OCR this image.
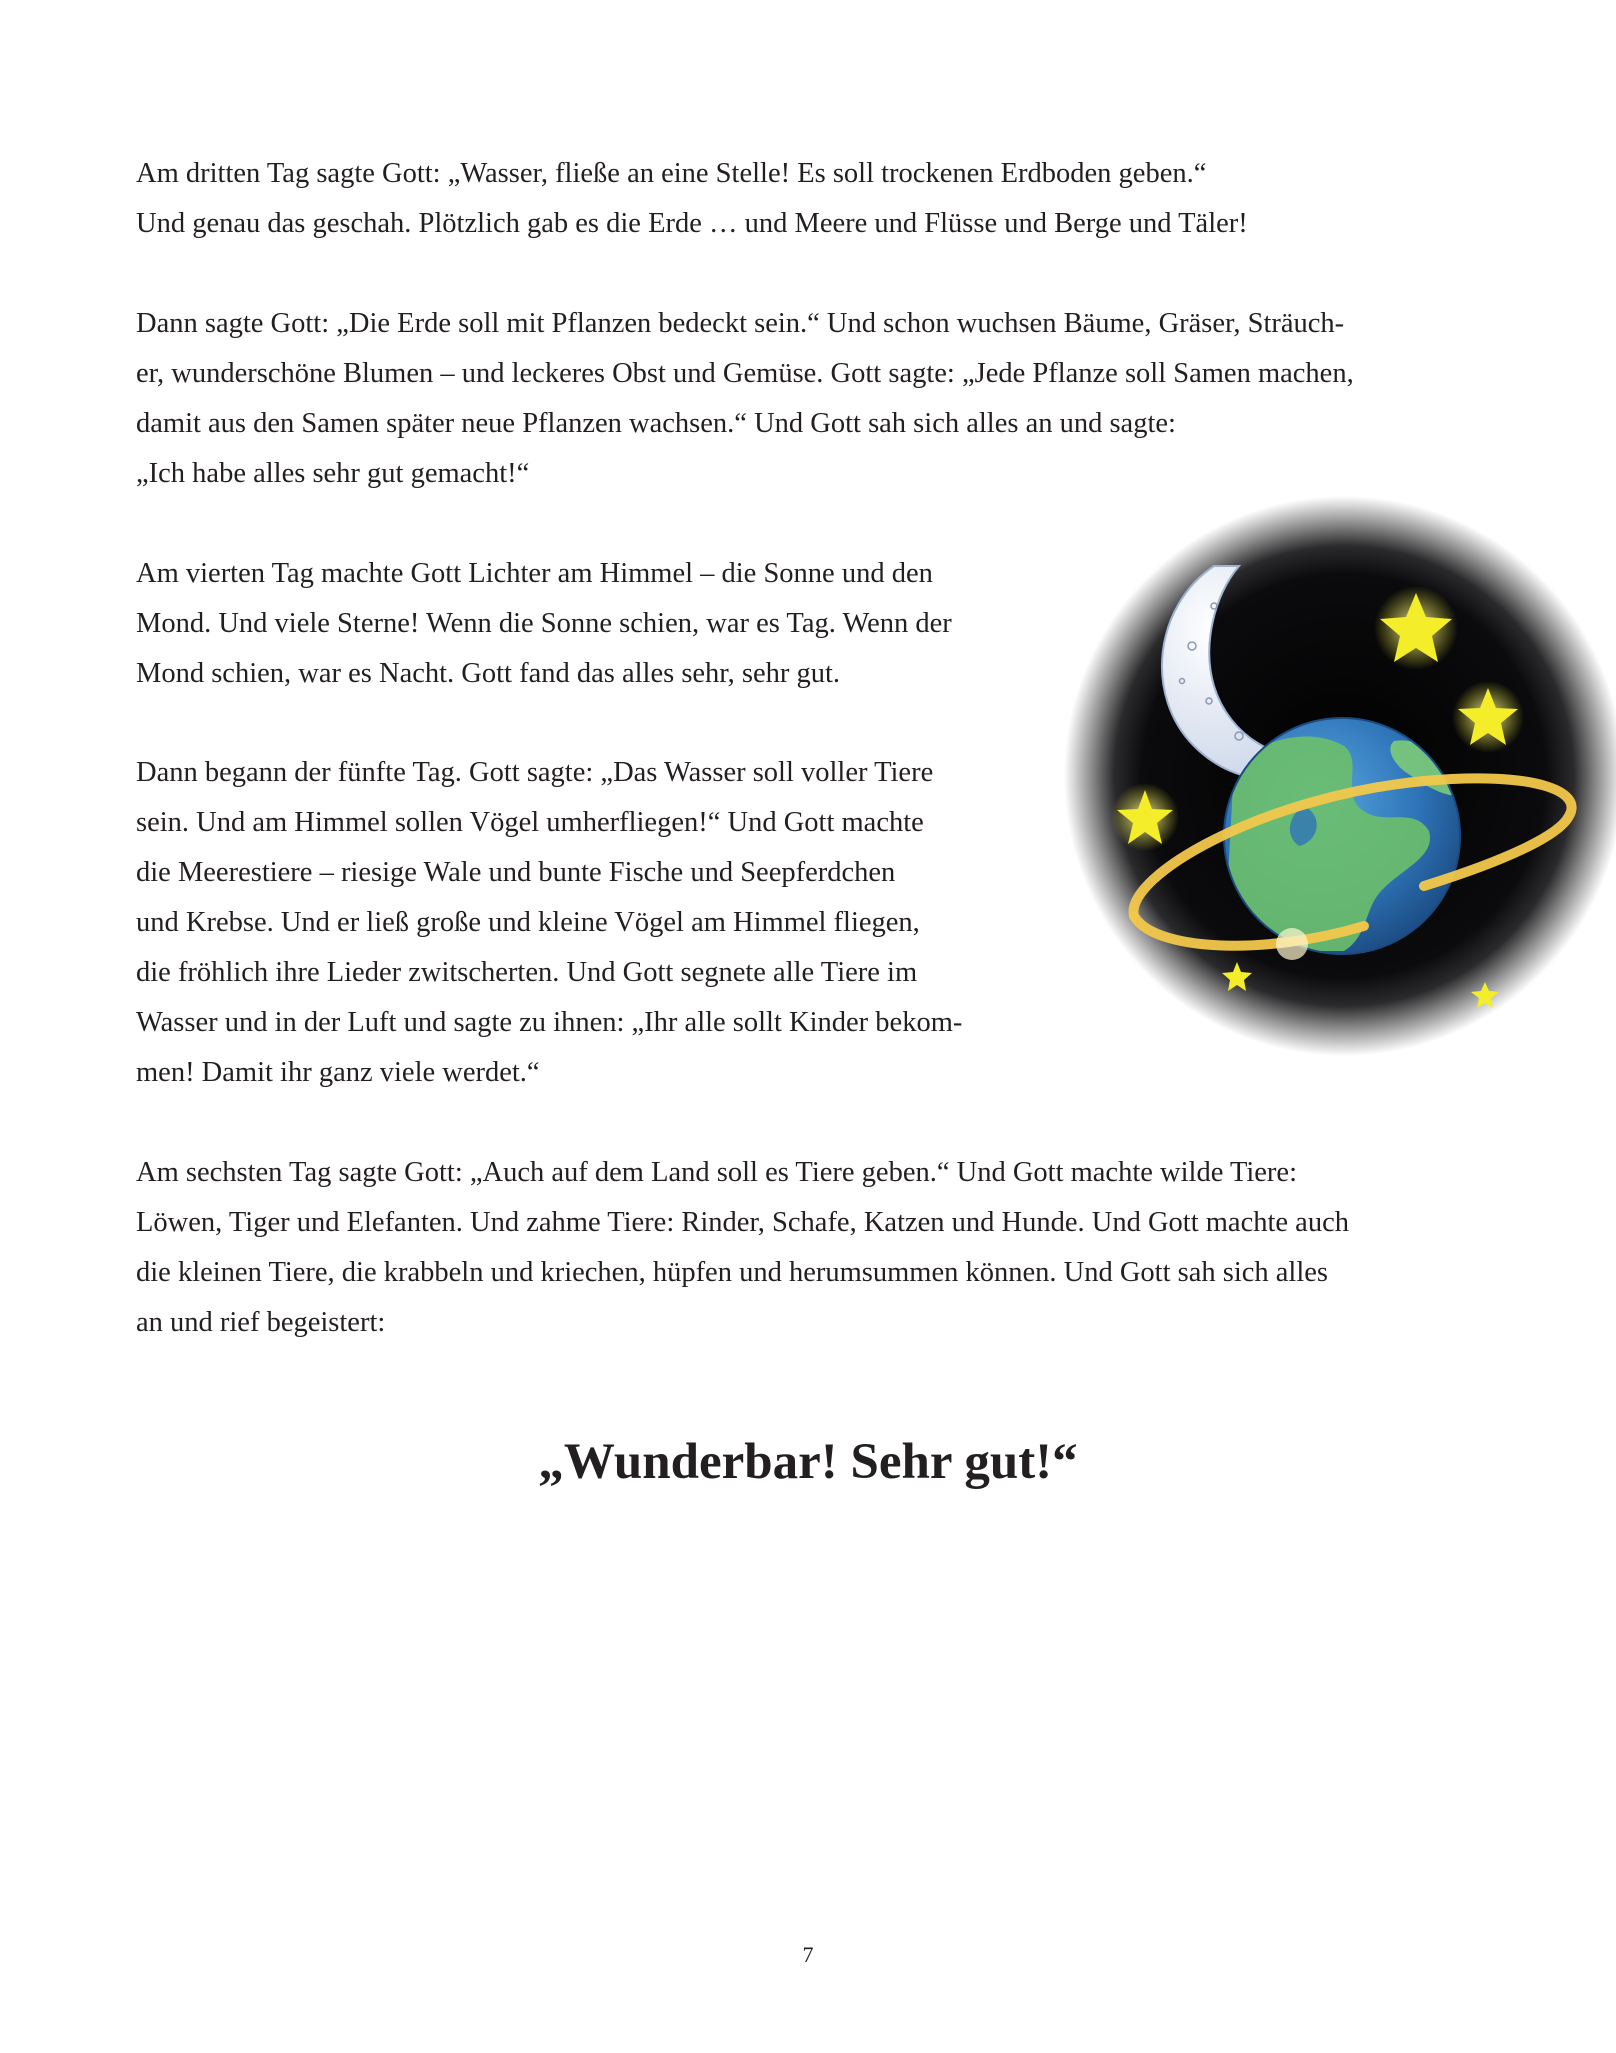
Am dritten Tag sagte Gott: „Wasser, fließe an eine Stelle! Es soll trockenen Erdboden geben.“
Und genau das geschah. Plötzlich gab es die Erde … und Meere und Flüsse und Berge und Täler!
Dann sagte Gott: „Die Erde soll mit Pflanzen bedeckt sein.“ Und schon wuchsen Bäume, Gräser, Sträuch-
er, wunderschöne Blumen – und leckeres Obst und Gemüse. Gott sagte: „Jede Pflanze soll Samen machen,
damit aus den Samen später neue Pflanzen wachsen.“ Und Gott sah sich alles an und sagte:
„Ich habe alles sehr gut gemacht!“
Am vierten Tag machte Gott Lichter am Himmel – die Sonne und den
Mond. Und viele Sterne! Wenn die Sonne schien, war es Tag. Wenn der
Mond schien, war es Nacht. Gott fand das alles sehr, sehr gut.
Dann begann der fünfte Tag. Gott sagte: „Das Wasser soll voller Tiere
sein. Und am Himmel sollen Vögel umherfliegen!“ Und Gott machte
die Meerestiere – riesige Wale und bunte Fische und Seepferdchen
und Krebse. Und er ließ große und kleine Vögel am Himmel fliegen,
die fröhlich ihre Lieder zwitscherten. Und Gott segnete alle Tiere im
Wasser und in der Luft und sagte zu ihnen: „Ihr alle sollt Kinder bekom-
men! Damit ihr ganz viele werdet.“
Am sechsten Tag sagte Gott: „Auch auf dem Land soll es Tiere geben.“ Und Gott machte wilde Tiere:
Löwen, Tiger und Elefanten. Und zahme Tiere: Rinder, Schafe, Katzen und Hunde. Und Gott machte auch
die kleinen Tiere, die krabbeln und kriechen, hüpfen und herumsummen können. Und Gott sah sich alles
an und rief begeistert:
„Wunderbar! Sehr gut!“
7
